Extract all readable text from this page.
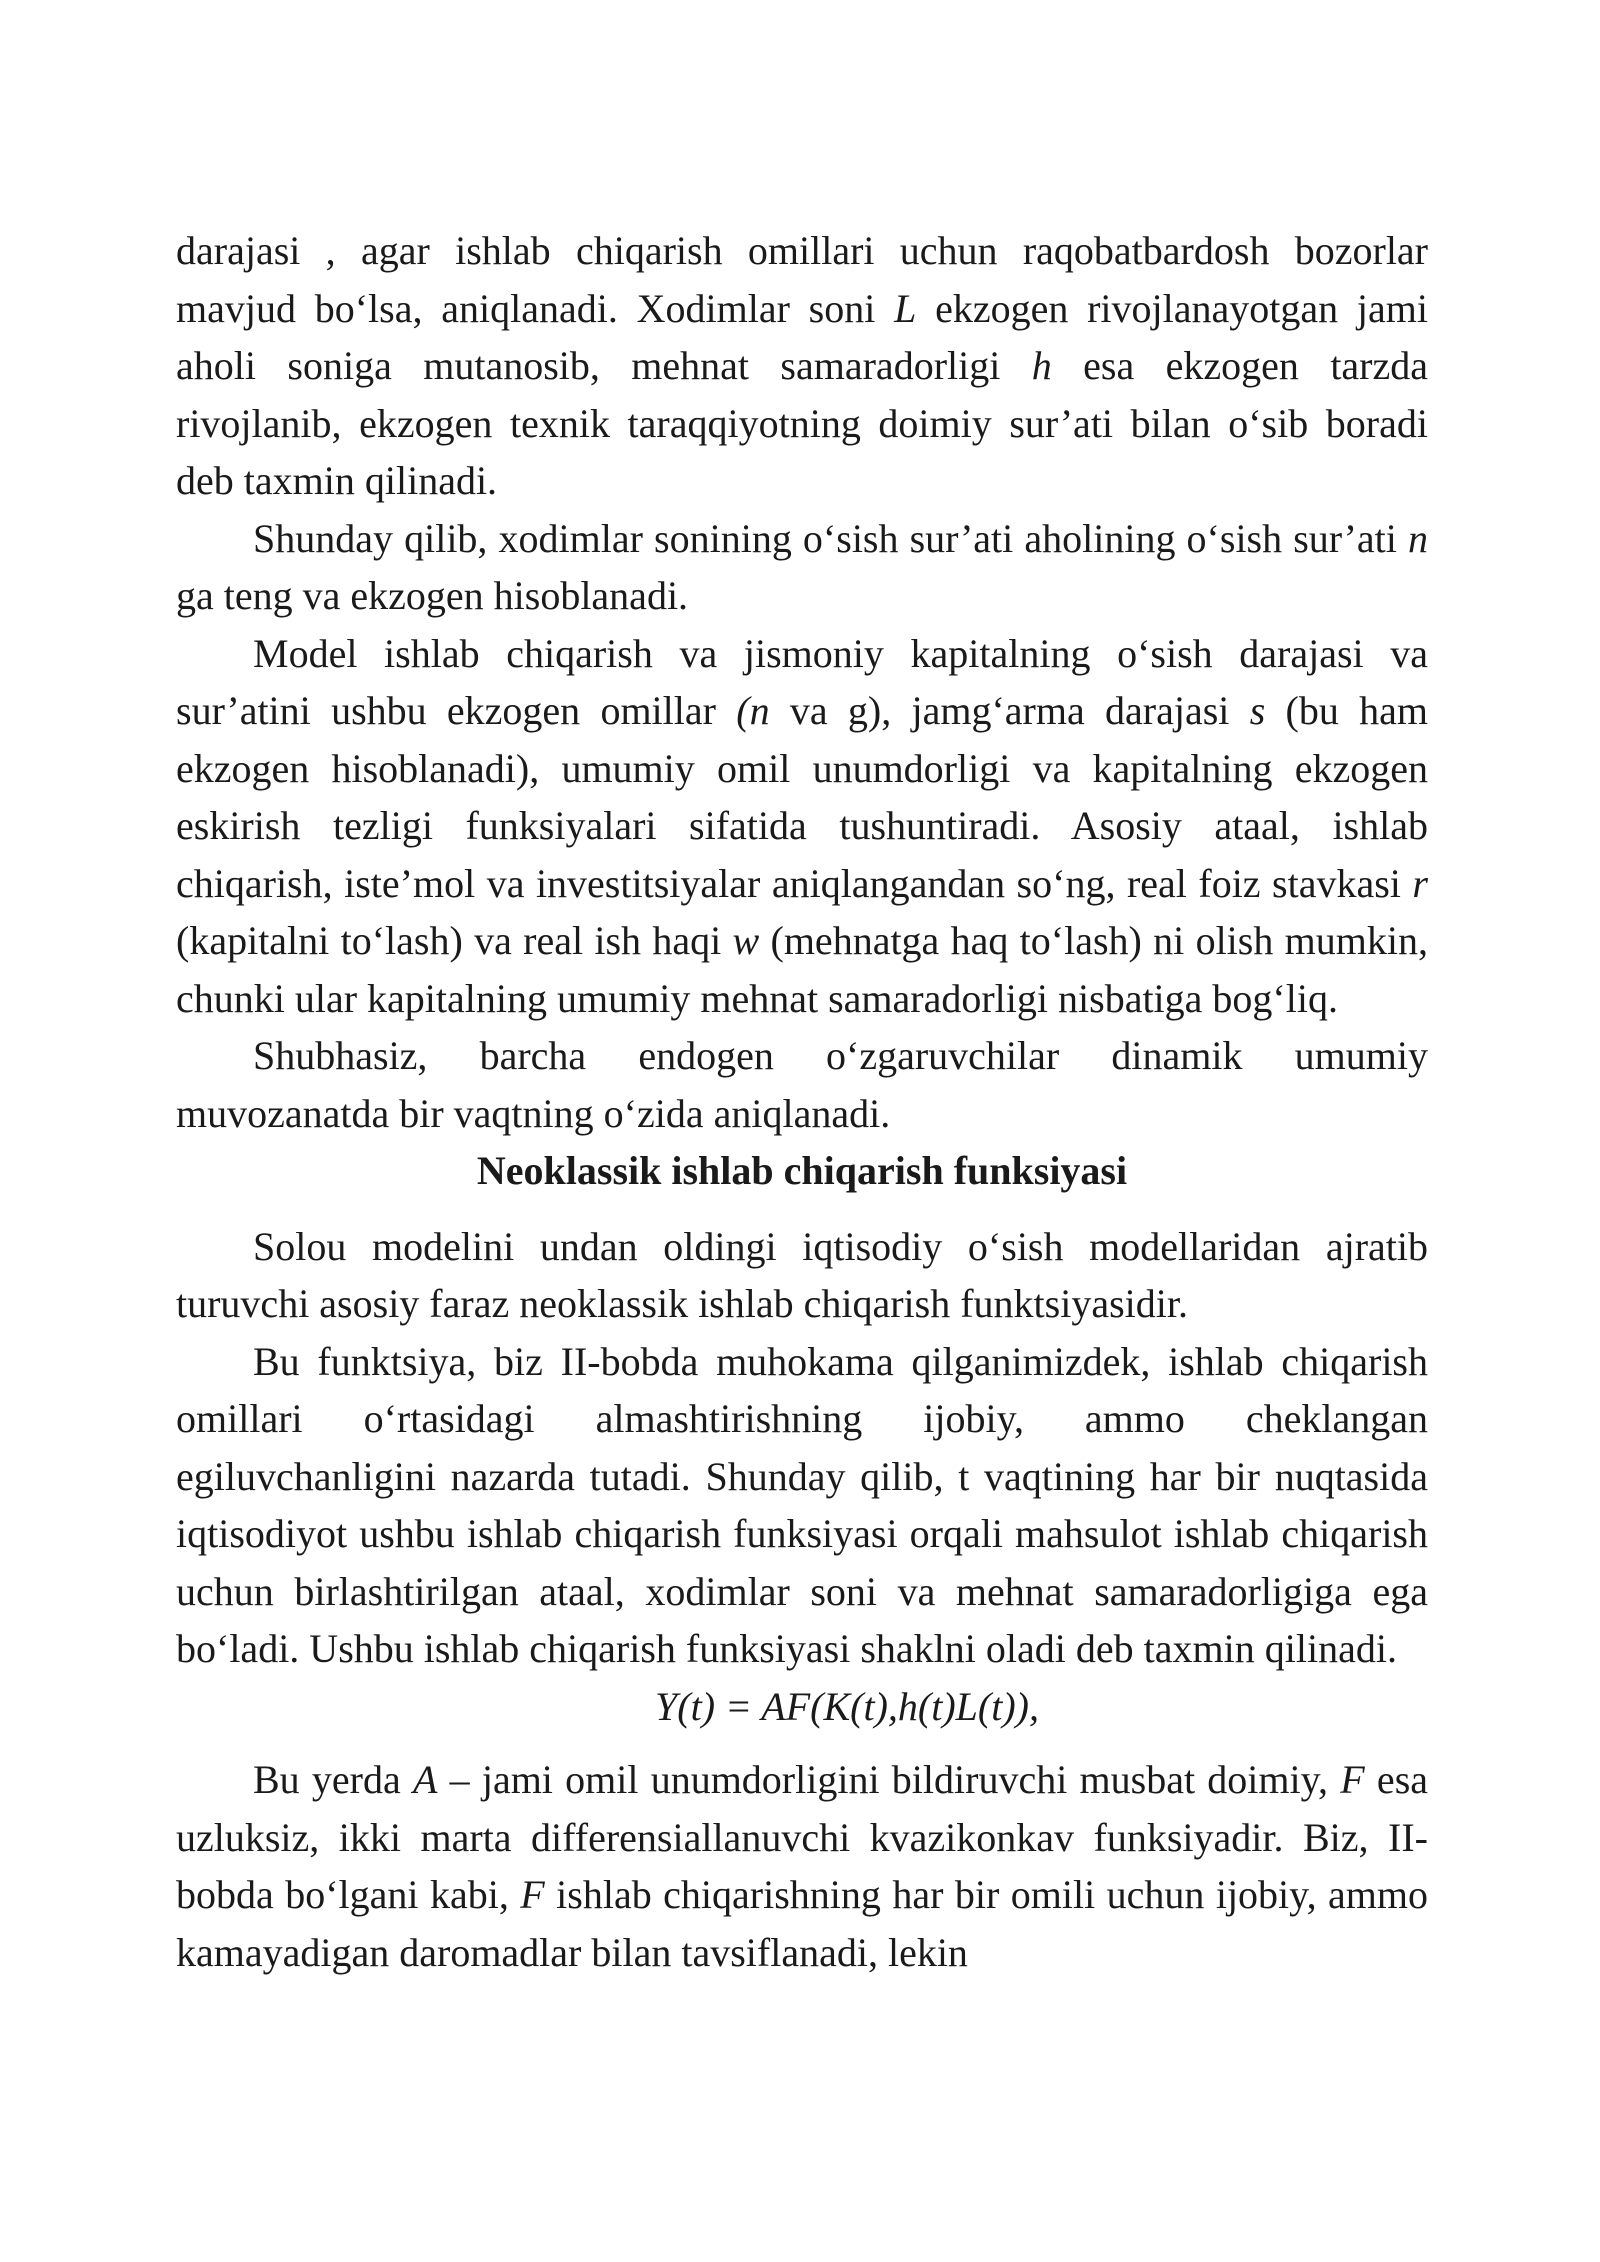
darajasi , agar ishlab chiqarish omillari uchun raqobatbardosh bozorlar mavjud bo‘lsa, aniqlanadi. Xodimlar soni L ekzogen rivojlanayotgan jami aholi soniga mutanosib, mehnat samaradorligi h esa ekzogen tarzda rivojlanib, ekzogen texnik taraqqiyotning doimiy sur’ati bilan o‘sib boradi deb taxmin qilinadi.

Shunday qilib, xodimlar sonining o‘sish sur’ati aholining o‘sish sur’ati n ga teng va ekzogen hisoblanadi.

Model ishlab chiqarish va jismoniy kapitalning o‘sish darajasi va sur’atini ushbu ekzogen omillar (n va g), jamg‘arma darajasi s (bu ham ekzogen hisoblanadi), umumiy omil unumdorligi va kapitalning ekzogen eskirish tezligi funksiyalari sifatida tushuntiradi. Asosiy ataal, ishlab chiqarish, iste’mol va investitsiyalar aniqlangandan so‘ng, real foiz stavkasi r (kapitalni to‘lash) va real ish haqi w (mehnatga haq to‘lash) ni olish mumkin, chunki ular kapitalning umumiy mehnat samaradorligi nisbatiga bog‘liq.

Shubhasiz, barcha endogen o‘zgaruvchilar dinamik umumiy muvozanatda bir vaqtning o‘zida aniqlanadi.

Neoklassik ishlab chiqarish funksiyasi

Solou modelini undan oldingi iqtisodiy o‘sish modellaridan ajratib turuvchi asosiy faraz neoklassik ishlab chiqarish funktsiyasidir.

Bu funktsiya, biz II-bobda muhokama qilganimizdek, ishlab chiqarish omillari o‘rtasidagi almashtirishning ijobiy, ammo cheklangan egiluvchanligini nazarda tutadi. Shunday qilib, t vaqtining har bir nuqtasida iqtisodiyot ushbu ishlab chiqarish funksiyasi orqali mahsulot ishlab chiqarish uchun birlashtirilgan ataal, xodimlar soni va mehnat samaradorligiga ega bo‘ladi. Ushbu ishlab chiqarish funksiyasi shaklni oladi deb taxmin qilinadi.

Y(t) = AF(K(t),h(t)L(t)),

Bu yerda A – jami omil unumdorligini bildiruvchi musbat doimiy, F esa uzluksiz, ikki marta differensiallanuvchi kvazikonkav funksiyadir. Biz, II-bobda bo‘lgani kabi, F ishlab chiqarishning har bir omili uchun ijobiy, ammo kamayadigan daromadlar bilan tavsiflanadi, lekin
